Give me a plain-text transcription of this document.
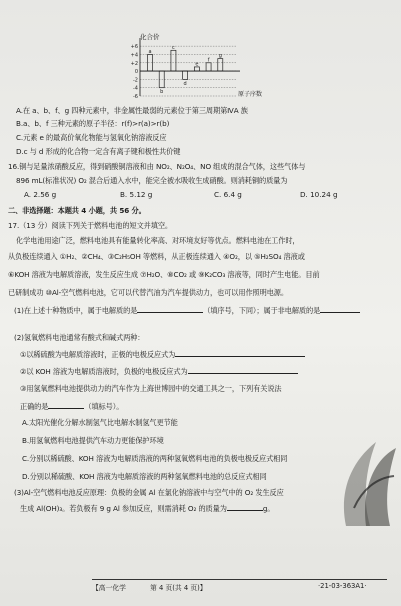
a
b
c
d
e
f
g
+6
+4
+2
0
-2
-4
-6
化合价
原子序数
A.在 a、b、f、g 四种元素中，非金属性最弱的元素位于第三周期第ⅣA 族
B.a、b、f 三种元素的原子半径：r(f)>r(a)>r(b)
C.元素 e 的最高价氧化物能与氢氧化钠溶液反应
D.c 与 d 形成的化合物一定含有离子键和极性共价键
16.铜与足量浓硝酸反应，得到硝酸铜溶液和由 NO₂、N₂O₄、NO 组成的混合气体，这些气体与
896 mL(标准状况) O₂ 混合后通入水中，能完全被水吸收生成硝酸。则消耗铜的质量为
A. 2.56 g	B. 5.12 g	C. 6.4 g	D. 10.24 g
二、非选择题：本题共 4 小题，共 56 分。
17.（13 分）阅读下列关于燃料电池的短文并填空。
化学电池用途广泛，燃料电池具有能量转化率高、对环境友好等优点。燃料电池在工作时，
从负极连续通入 ①H₂、②CH₄、③C₂H₅OH 等燃料，从正极连续通入 ④O₂，以 ⑤H₂SO₄ 溶液或
⑥KOH 溶液为电解质溶液，发生反应生成 ⑦H₂O、⑧CO₂ 或 ⑨K₂CO₃ 溶液等，同时产生电能。目前
已研制成功 ⑩Al-空气燃料电池，它可以代替汽油为汽车提供动力，也可以用作照明电源。
(1)在上述十种物质中，属于电解质的是	（填序号，下同）；属于非电解质的是
(2)氢氧燃料电池通常有酸式和碱式两种：
①以稀硫酸为电解质溶液时，正极的电极反应式为
②以 KOH 溶液为电解质溶液时，负极的电极反应式为
③用氢氧燃料电池提供动力的汽车作为上海世博园中的交通工具之一，下列有关说法
正确的是	（填标号）。
A.太阳光催化分解水制氢气比电解水制氢气更节能
B.用氢氧燃料电池提供汽车动力更能保护环境
C.分别以稀硫酸、KOH 溶液为电解质溶液的两种氢氧燃料电池的负极电极反应式相同
D.分别以稀硫酸、KOH 溶液为电解质溶液的两种氢氧燃料电池的总反应式相同
(3)Al-空气燃料电池反应原理：负极的金属 Al 在氯化钠溶液中与空气中的 O₂ 发生反应
生成 Al(OH)₃。若负极有 9 g Al 参加反应，则需消耗 O₂ 的质量为	g。
【高一化学	第 4 页(共 4 页)】	·21-03-363A1·
